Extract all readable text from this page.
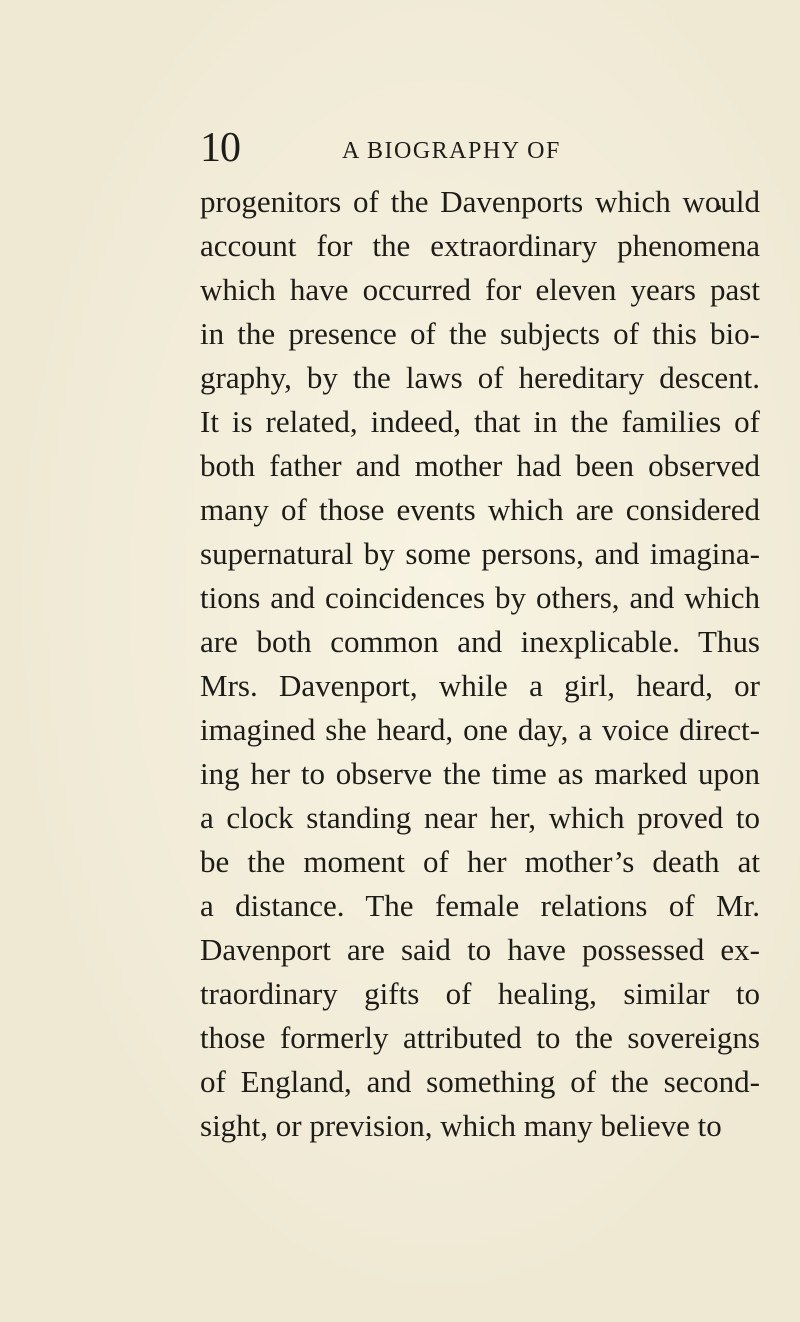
10	A BIOGRAPHY OF
progenitors of the Davenports which would
account for the extraordinary phenomena
which have occurred for eleven years past
in the presence of the subjects of this bio-
graphy, by the laws of hereditary descent.
It is related, indeed, that in the families of
both father and mother had been observed
many of those events which are considered
supernatural by some persons, and imagina-
tions and coincidences by others, and which
are both common and inexplicable. Thus
Mrs. Davenport, while a girl, heard, or
imagined she heard, one day, a voice direct-
ing her to observe the time as marked upon
a clock standing near her, which proved to
be the moment of her mother’s death at
a distance. The female relations of Mr.
Davenport are said to have possessed ex-
traordinary gifts of healing, similar to
those formerly attributed to the sovereigns
of England, and something of the second-
sight, or prevision, which many believe to
